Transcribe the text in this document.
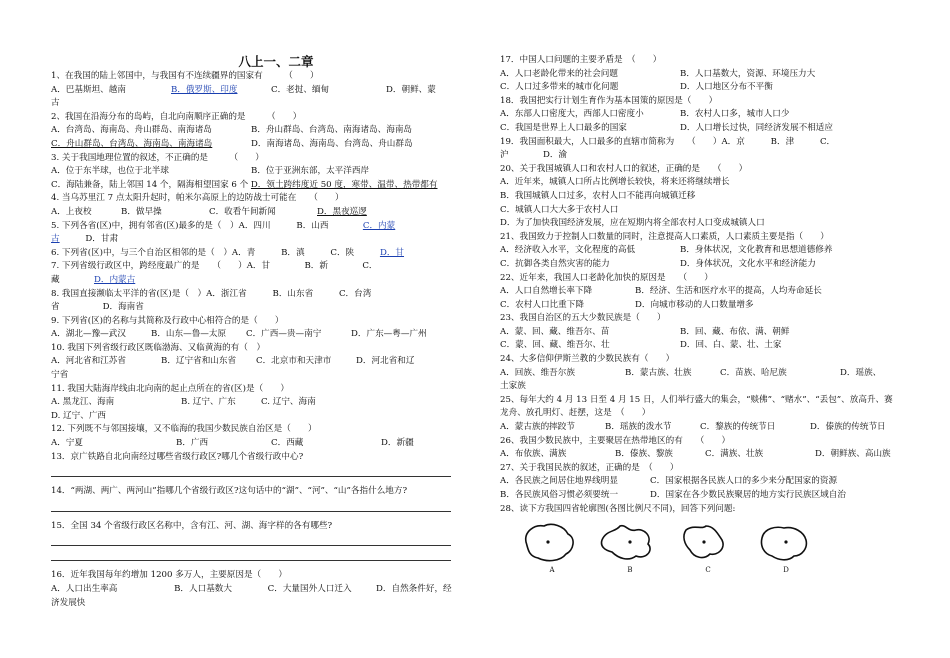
八上一、二章
1、在我国的陆上邻国中，与我国有不连续疆界的国家有　　　（　　）
A．巴基斯坦、越南	B．俄罗斯、印度	C．老挝、缅甸	D．朝鲜、蒙
古
2、我国在沿海分布的岛屿，自北向南顺序正确的是　　　（　　）
A．台湾岛、海南岛、舟山群岛、南海诸岛	B．舟山群岛、台湾岛、南海诸岛、海南岛
C．舟山群岛、台湾岛、海南岛、南海诸岛	D．南海诸岛、海南岛、台湾岛、舟山群岛
3. 关于我国地理位置的叙述，不正确的是　　　（　　）
A．位于东半球，也位于北半球	B．位于亚洲东部，太平洋西岸
C．海陆兼备，陆上邻国 14 个，隔海相望国家 6 个 D．领土跨纬度近 50 度，寒带、温带、热带都有
4. 当乌苏里江 7 点太阳升起时，帕米尔高原上的边防战士可能在　　（　　）
A．上夜校	B．做早操	C．收看午间新闻	D．黑夜巡逻
5. 下列各省(区)中，拥有邻省(区)最多的是（　）A．四川　　　B．山西　　　　C．内蒙
古　　　D．甘肃
6. 下列省(区)中，与三个自治区相邻的是（　）A．青　　　B．滇　　　C．陕　　　D．甘
7. 下列省级行政区中，跨经度最广的是　　（　　）A．甘　　　　B．新　　　　C．
藏　　　　D．内蒙古
8. 我国直接濒临太平洋的省(区)是（　）A．浙江省　　　B．山东省　　　C．台湾
省　　　　　D．海南省
9. 下列省(区)的名称与其简称及行政中心相符合的是（　　）
A．湖北—豫—武汉	B．山东—鲁—太原	C．广西—贵—南宁	D．广东—粤—广州
10. 我国下列省级行政区既临渤海、又临黄海的有（　）
A．河北省和江苏省	B．辽宁省和山东省	C．北京市和天津市	D．河北省和辽
宁省
11. 我国大陆海岸线由北向南的起止点所在的省(区)是（　　）
A. 黑龙江、海南	B. 辽宁、广东	C. 辽宁、海南
D. 辽宁、广西
12. 下列既不与邻国接壤，又不临海的我国少数民族自治区是（　　）
A．宁夏	B．广西	C．西藏	D．新疆
13．京广铁路自北向南经过哪些省级行政区?哪几个省级行政中心?
14．“两湖、两广、两河山”指哪几个省级行政区?这句话中的“湖”、“河”、“山”各指什么地方?
15．全国 34 个省级行政区名称中，含有江、河、湖、海字样的各有哪些?
16．近年我国每年约增加 1200 多万人，主要原因是（　　）
A．人口出生率高	B．人口基数大	C．大量国外人口迁入	D．自然条件好，经
济发展快
17．中国人口问题的主要矛盾是　（　　）
A．人口老龄化带来的社会问题	B．人口基数大，资源、环境压力大
C．人口过多带来的城市化问题	D．人口地区分布不平衡
18．我国把实行计划生育作为基本国策的原因是（　　）
A．东部人口密度大，西部人口密度小	B．农村人口多，城市人口少
C．我国是世界上人口最多的国家	D．人口增长过快，同经济发展不相适应
19．我国面积最大，人口最多的直辖市简称为　　（　　）A．京　　　B．津　　　C．
沪　　　　D．渝
20、关于我国城镇人口和农村人口的叙述，正确的是　　（　　）
A．近年来，城镇人口所占比例增长较快，将来还将继续增长
B．我国城镇人口过多，农村人口不能再向城镇迁移
C．城镇人口大大多于农村人口
D．为了加快我国经济发展，应在短期内将全部农村人口变成城镇人口
21、我国致力于控制人口数量的同时，注意提高人口素质，人口素质主要是指（　　）
A．经济收入水平，文化程度的高低	B．身体状况，文化教育和思想道德修养
C．抗御各类自然灾害的能力	D．身体状况，文化水平和经济能力
22、近年来，我国人口老龄化加快的原因是　　（　　）
A．人口自然增长率下降	B．经济、生活和医疗水平的提高，人均寿命延长
C．农村人口比重下降	D．向城市移动的人口数量增多
23、我国自治区的五大少数民族是（　　）
A．蒙、回、藏、维吾尔、苗	B．回、藏、布依、满、朝鲜
C．蒙、回、藏、维吾尔、壮	D．回、白、蒙、壮、土家
24、大多信仰伊斯兰教的少数民族有（　　）
A．回族、维吾尔族	B．蒙古族、壮族	C．苗族、哈尼族	D．瑶族、
土家族
25、每年大约 4 月 13 日至 4 月 15 日，人们举行盛大的集会，“赕佛”、“赌水”、“丢包”、放高升、赛
龙舟、放孔明灯、赶摆，这是　（　　）
A．蒙古族的摔跤节	B．瑶族的泼水节	C．黎族的传统节日	D．傣族的传统节日
26、我国少数民族中，主要聚居在热带地区的有　　（　　）
A．布依族、满族	B．傣族、黎族	C．满族、壮族	D．朝鲜族、高山族
27、关于我国民族的叙述，正确的是　（　　）
A．各民族之间居住地界线明显	C．国家根据各民族人口的多少来分配国家的资源
B．各民族风俗习惯必须要统一	D．国家在各少数民族聚居的地方实行民族区域自治
28、读下方我国四省轮廓图(各图比例尺不同)，回答下列问题:
A	B	C	D
